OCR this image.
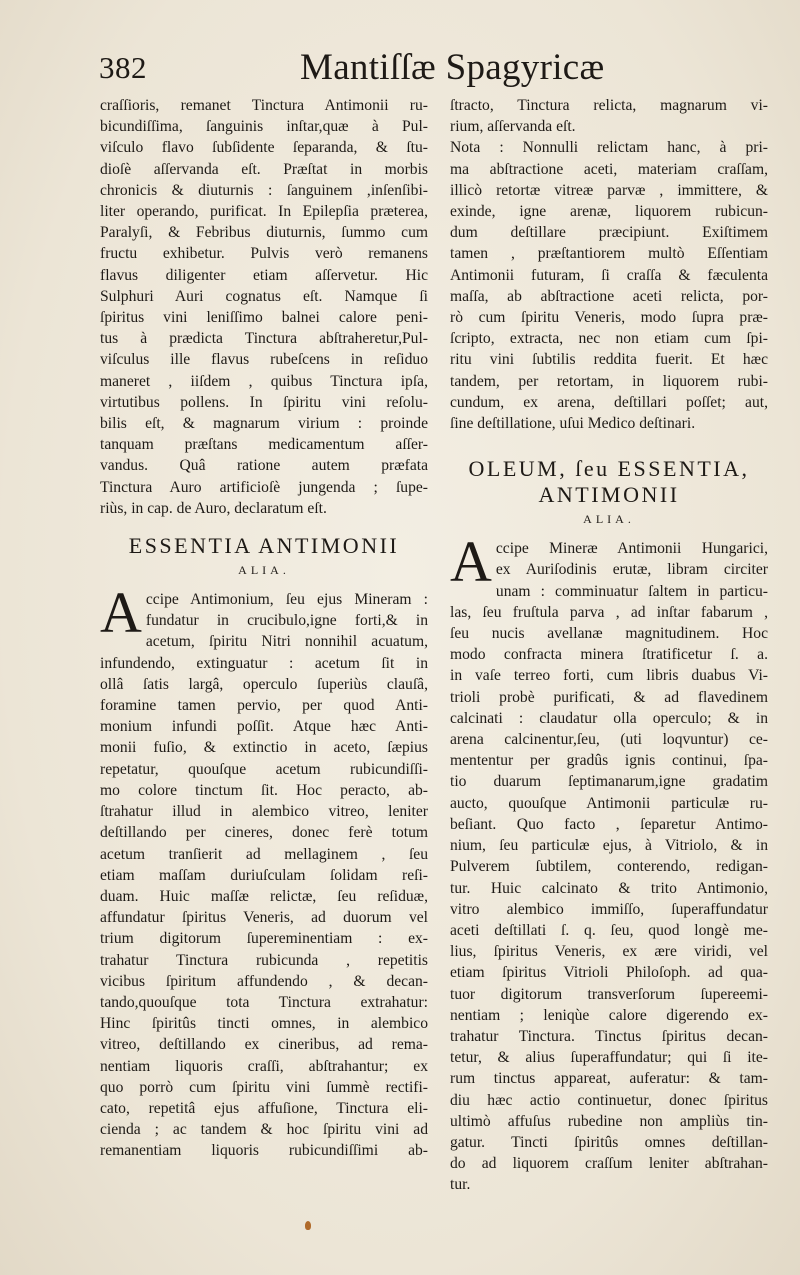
382	Mantiſſæ Spagyricæ
craſſioris, remanet Tinctura Antimonii ru-
bicundiſſima, ſanguinis inſtar,quæ à Pul-
viſculo flavo ſubſidente ſeparanda, & ſtu-
dioſè aſſervanda eſt. Præſtat in morbis
chronicis & diuturnis : ſanguinem ,inſenſibi-
liter operando, purificat. In Epilepſia præterea,
Paralyſi, & Febribus diuturnis, ſummo cum
fructu exhibetur. Pulvis verò remanens
flavus diligenter etiam aſſervetur. Hic
Sulphuri Auri cognatus eſt. Namque ſi
ſpiritus vini leniſſimo balnei calore peni-
tus à prædicta Tinctura abſtraheretur,Pul-
viſculus ille flavus rubeſcens in reſiduo
maneret , iiſdem , quibus Tinctura ipſa,
virtutibus pollens. In ſpiritu vini reſolu-
bilis eſt, & magnarum virium : proinde
tanquam præſtans medicamentum aſſer-
vandus. Quâ ratione autem præfata
Tinctura Auro artificioſè jungenda ; ſupe-
riùs, in cap. de Auro, declaratum eſt.
ESSENTIA ANTIMONII
ALIA.
A ccipe Antimonium, ſeu ejus Mineram :
fundatur in crucibulo,igne forti,& in
acetum, ſpiritu Nitri nonnihil acuatum,
infundendo, extinguatur : acetum ſit in
ollâ ſatis largâ, operculo ſuperiùs clauſâ,
foramine tamen pervio, per quod Anti-
monium infundi poſſit. Atque hæc Anti-
monii fuſio, & extinctio in aceto, ſæpius
repetatur, quouſque acetum rubicundiſſi-
mo colore tinctum ſit. Hoc peracto, ab-
ſtrahatur illud in alembico vitreo, leniter
deſtillando per cineres, donec ferè totum
acetum tranſierit ad mellaginem , ſeu
etiam maſſam duriuſculam ſolidam reſi-
duam. Huic maſſæ relictæ, ſeu reſiduæ,
affundatur ſpiritus Veneris, ad duorum vel
trium digitorum ſupereminentiam : ex-
trahatur Tinctura rubicunda , repetitis
vicibus ſpiritum affundendo , & decan-
tando,quouſque tota Tinctura extrahatur:
Hinc ſpiritûs tincti omnes, in alembico
vitreo, deſtillando ex cineribus, ad rema-
nentiam liquoris craſſi, abſtrahantur; ex
quo porrò cum ſpiritu vini ſummè rectifi-
cato, repetitâ ejus affuſione, Tinctura eli-
cienda ; ac tandem & hoc ſpiritu vini ad
remanentiam liquoris rubicundiſſimi ab-
ſtracto, Tinctura relicta, magnarum vi-
rium, aſſervanda eſt.
Nota : Nonnulli relictam hanc, à pri-
ma abſtractione aceti, materiam craſſam,
illicò retortæ vitreæ parvæ , immittere, &
exinde, igne arenæ, liquorem rubicun-
dum deſtillare præcipiunt. Exiſtimem
tamen , præſtantiorem multò Eſſentiam
Antimonii futuram, ſi craſſa & fæculenta
maſſa, ab abſtractione aceti relicta, por-
rò cum ſpiritu Veneris, modo ſupra præ-
ſcripto, extracta, nec non etiam cum ſpi-
ritu vini ſubtilis reddita fuerit. Et hæc
tandem, per retortam, in liquorem rubi-
cundum, ex arena, deſtillari poſſet; aut,
ſine deſtillatione, uſui Medico deſtinari.
OLEUM, ſeu ESSENTIA,
ANTIMONII
ALIA.
A ccipe Mineræ Antimonii Hungarici,
ex Auriſodinis erutæ, libram circiter
unam : comminuatur ſaltem in particu-
las, ſeu fruſtula parva , ad inſtar fabarum ,
ſeu nucis avellanæ magnitudinem. Hoc
modo confracta minera ſtratificetur ſ. a.
in vaſe terreo forti, cum libris duabus Vi-
trioli probè purificati, & ad flavedinem
calcinati : claudatur olla operculo; & in
arena calcinentur,ſeu, (uti loqvuntur) ce-
mententur per gradûs ignis continui, ſpa-
tio duarum ſeptimanarum,igne gradatim
aucto, quouſque Antimonii particulæ ru-
beſiant. Quo facto , ſeparetur Antimo-
nium, ſeu particulæ ejus, à Vitriolo, & in
Pulverem ſubtilem, conterendo, redigan-
tur. Huic calcinato & trito Antimonio,
vitro alembico immiſſo, ſuperaffundatur
aceti deſtillati ſ. q. ſeu, quod longè me-
lius, ſpiritus Veneris, ex ære viridi, vel
etiam ſpiritus Vitrioli Philoſoph. ad qua-
tuor digitorum transverſorum ſupereemi-
nentiam ; leniqùe calore digerendo ex-
trahatur Tinctura. Tinctus ſpiritus decan-
tetur, & alius ſuperaffundatur; qui ſi ite-
rum tinctus appareat, auferatur: & tam-
diu hæc actio continuetur, donec ſpiritus
ultimò affuſus rubedine non ampliùs tin-
gatur. Tincti ſpiritûs omnes deſtillan-
do ad liquorem craſſum leniter abſtrahan-
tur.
